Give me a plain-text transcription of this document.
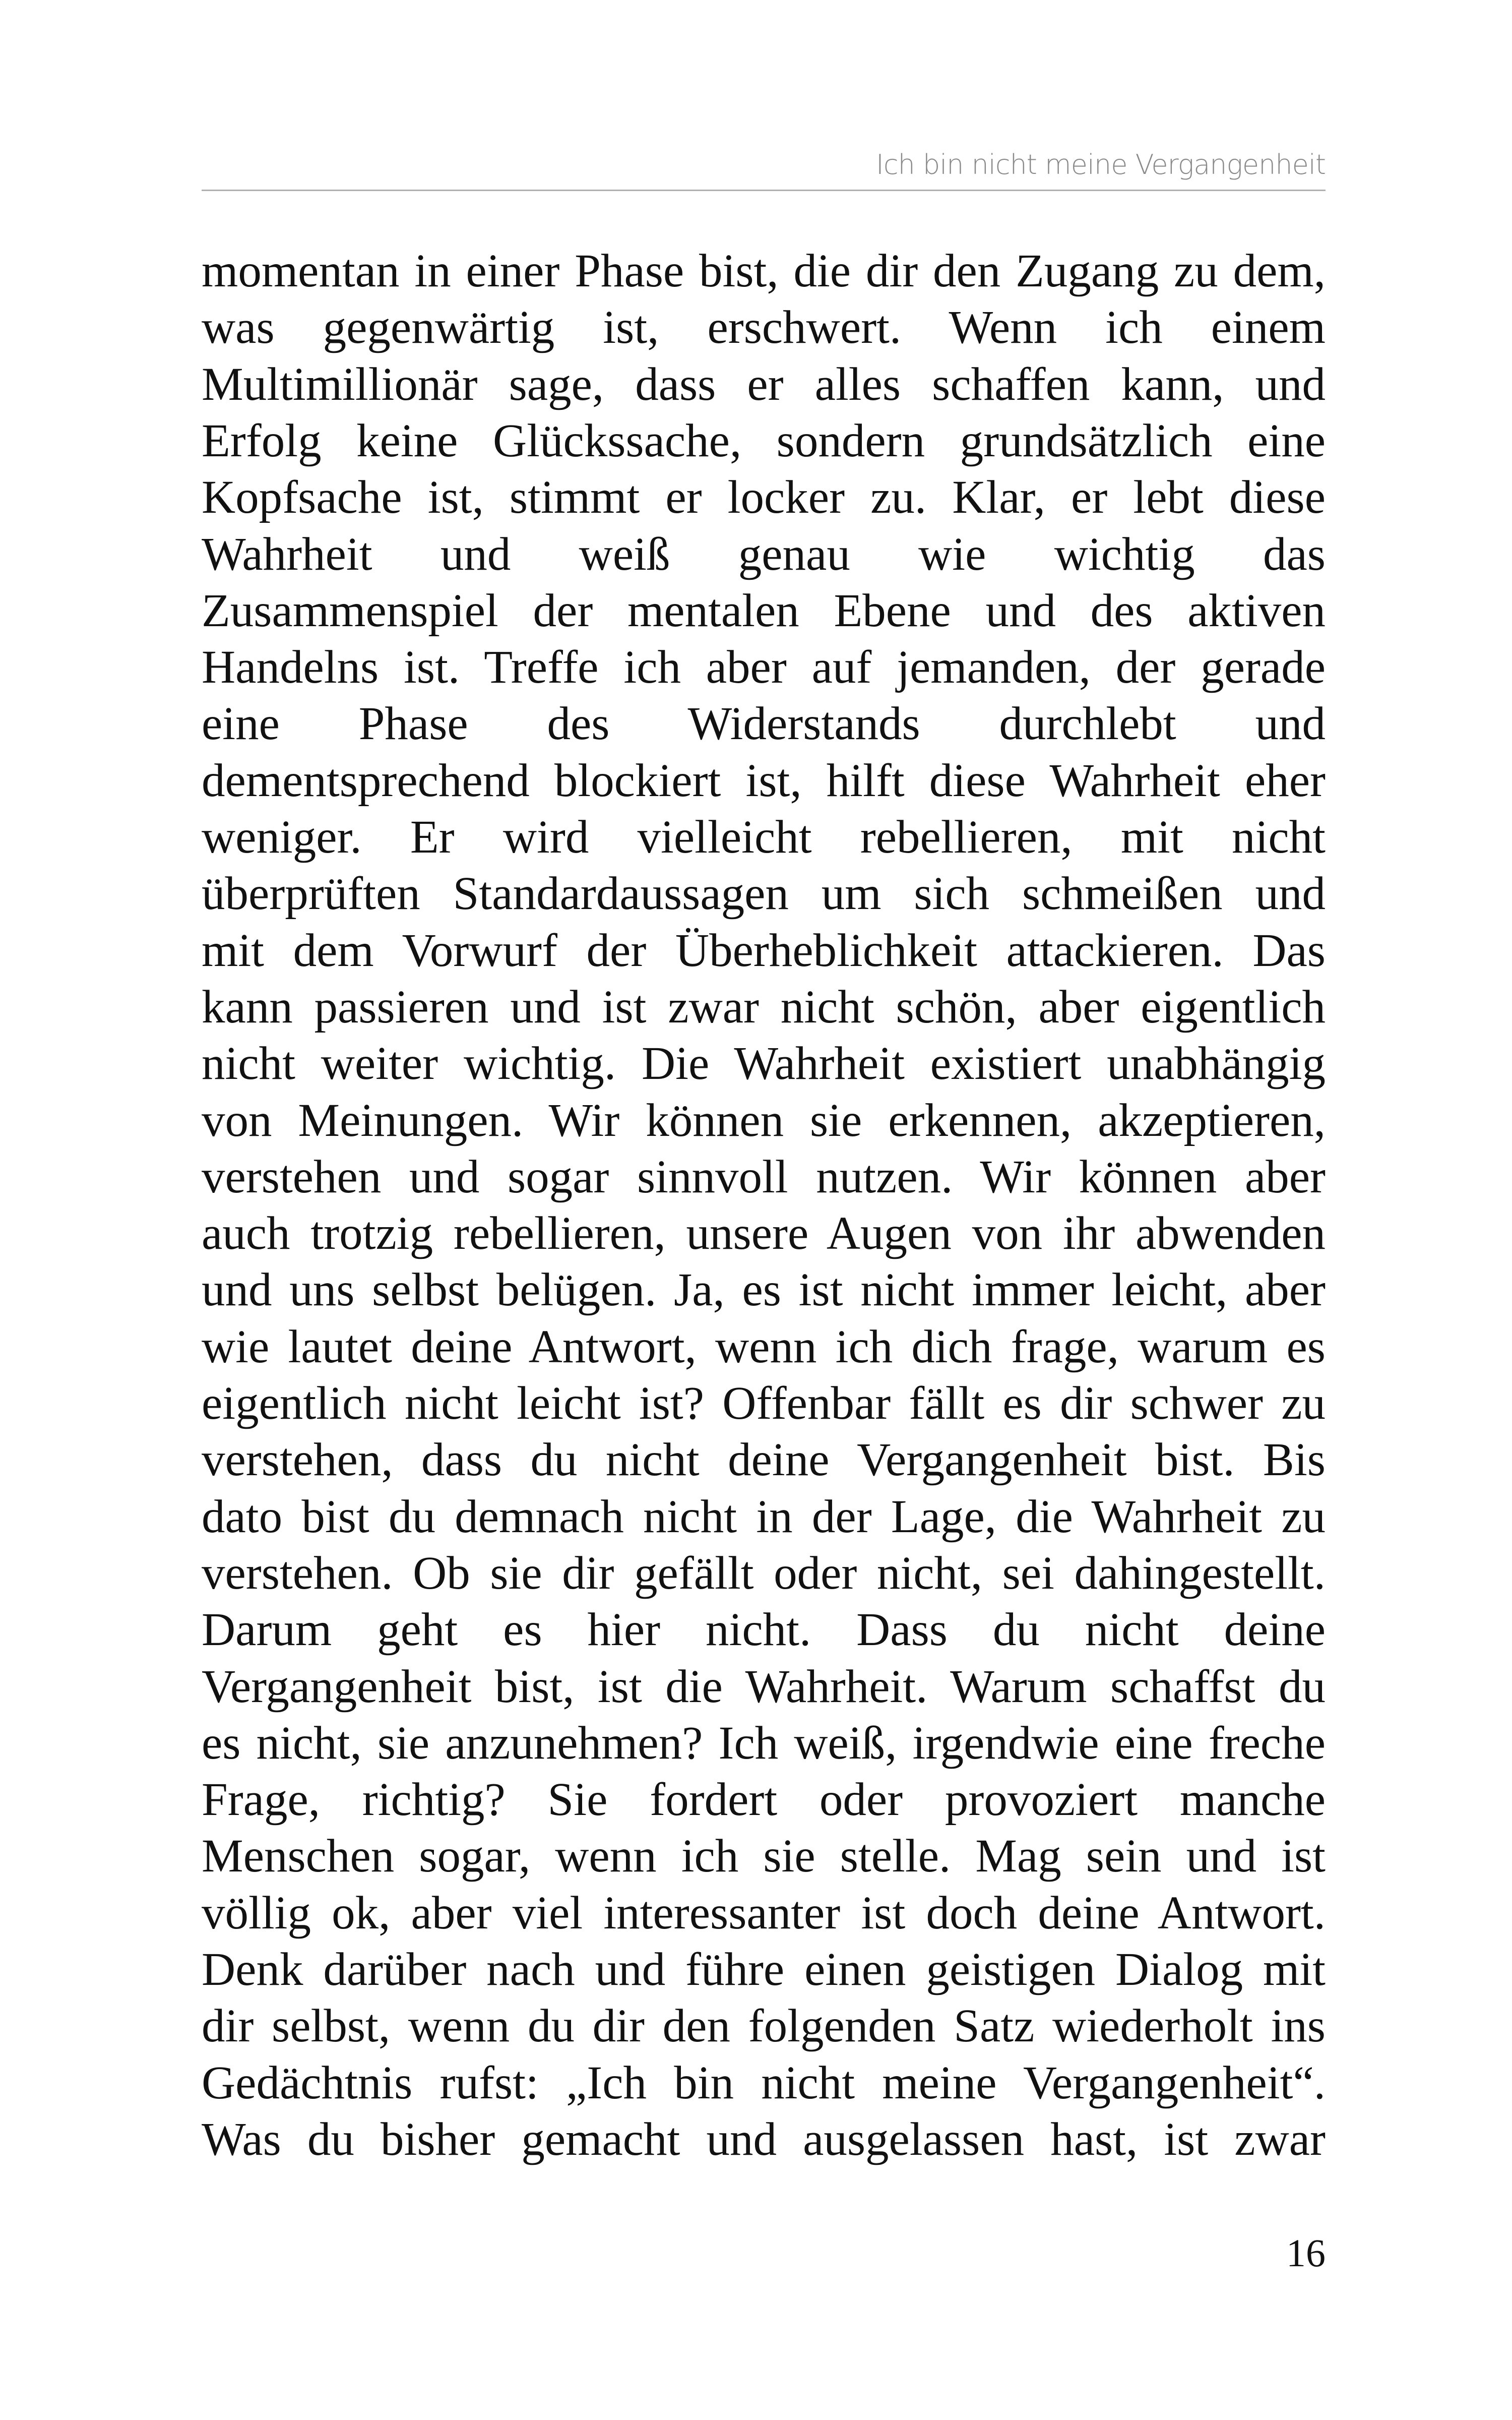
Ich bin nicht meine Vergangenheit
momentan in einer Phase bist, die dir den Zugang zu dem,
was gegenwärtig ist, erschwert. Wenn ich einem
Multimillionär sage, dass er alles schaffen kann, und
Erfolg keine Glückssache, sondern grundsätzlich eine
Kopfsache ist, stimmt er locker zu. Klar, er lebt diese
Wahrheit und weiß genau wie wichtig das
Zusammenspiel der mentalen Ebene und des aktiven
Handelns ist. Treffe ich aber auf jemanden, der gerade
eine Phase des Widerstands durchlebt und
dementsprechend blockiert ist, hilft diese Wahrheit eher
weniger. Er wird vielleicht rebellieren, mit nicht
überprüften Standardaussagen um sich schmeißen und
mit dem Vorwurf der Überheblichkeit attackieren. Das
kann passieren und ist zwar nicht schön, aber eigentlich
nicht weiter wichtig. Die Wahrheit existiert unabhängig
von Meinungen. Wir können sie erkennen, akzeptieren,
verstehen und sogar sinnvoll nutzen. Wir können aber
auch trotzig rebellieren, unsere Augen von ihr abwenden
und uns selbst belügen. Ja, es ist nicht immer leicht, aber
wie lautet deine Antwort, wenn ich dich frage, warum es
eigentlich nicht leicht ist? Offenbar fällt es dir schwer zu
verstehen, dass du nicht deine Vergangenheit bist. Bis
dato bist du demnach nicht in der Lage, die Wahrheit zu
verstehen. Ob sie dir gefällt oder nicht, sei dahingestellt.
Darum geht es hier nicht. Dass du nicht deine
Vergangenheit bist, ist die Wahrheit. Warum schaffst du
es nicht, sie anzunehmen? Ich weiß, irgendwie eine freche
Frage, richtig? Sie fordert oder provoziert manche
Menschen sogar, wenn ich sie stelle. Mag sein und ist
völlig ok, aber viel interessanter ist doch deine Antwort.
Denk darüber nach und führe einen geistigen Dialog mit
dir selbst, wenn du dir den folgenden Satz wiederholt ins
Gedächtnis rufst: „Ich bin nicht meine Vergangenheit“.
Was du bisher gemacht und ausgelassen hast, ist zwar
16
